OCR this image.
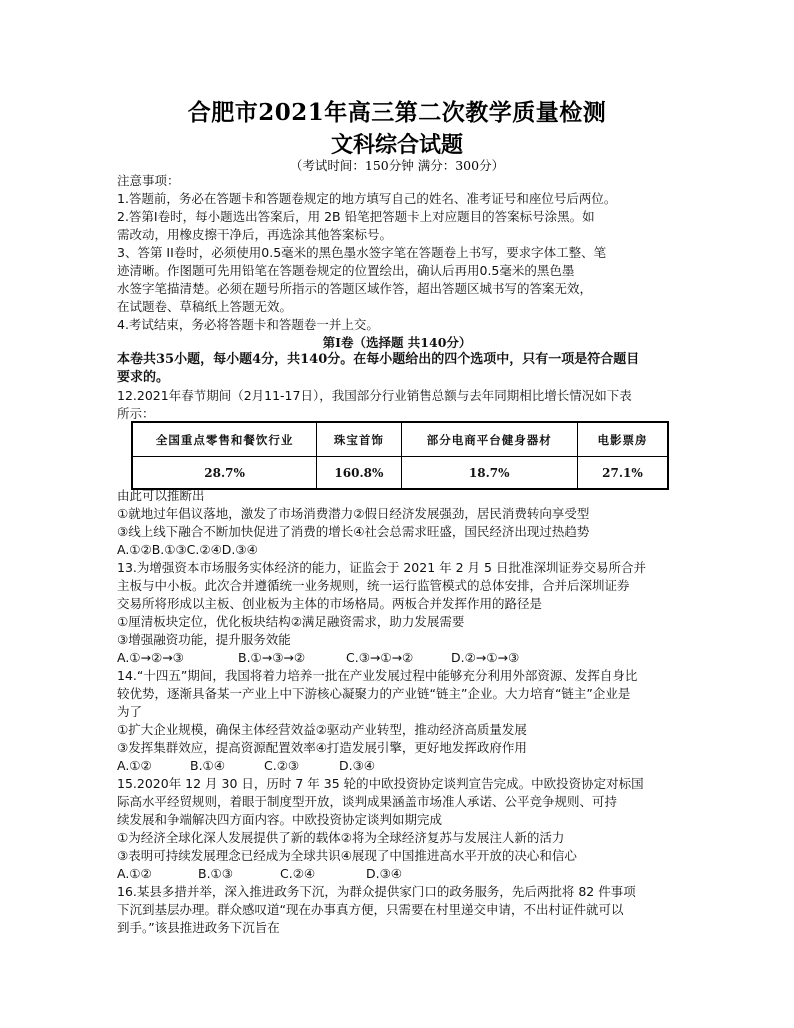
合肥市2021年高三第二次教学质量检测
文科综合试题
（考试时间：150分钟 满分：300分）
注意事项：
1.答题前，务必在答题卡和答题卷规定的地方填写自己的姓名、准考证号和座位号后两位。
2.答第Ⅰ卷时，每小题选出答案后，用 2B 铅笔把答题卡上对应题目的答案标号涂黑。如
需改动，用橡皮擦干净后，再选涂其他答案标号。
3、答第 II卷时，必须使用0.5毫米的黑色墨水签字笔在答题卷上书写，要求字体工整、笔
迹清晰。作图题可先用铅笔在答题卷规定的位置绘出，确认后再用0.5毫米的黑色墨
水签字笔描清楚。必须在题号所指示的答题区域作答，超出答题区城书写的答案无效，
在试题卷、草稿纸上答题无效。
4.考试结束，务必将答题卡和答题卷一并上交。
第Ⅰ卷（选择题 共140分）
本卷共35小题，每小题4分，共140分。在每小题给出的四个选项中，只有一项是符合题目
要求的。
12.2021年春节期间（2月11-17日），我国部分行业销售总额与去年同期相比增长情况如下表
所示：
全国重点零售和餐饮行业	珠宝首饰	部分电商平台健身器材	电影票房
28.7%	160.8%	18.7%	27.1%
由此可以推断出
①就地过年倡议落地，激发了市场消费潜力②假日经济发展强劲，居民消费转向享受型
③线上线下融合不断加快促进了消费的增长④社会总需求旺盛，国民经济出现过热趋势
A.①②B.①③C.②④D.③④
13.为增强资本市场服务实体经济的能力，证监会于 2021 年 2 月 5 日批准深圳证券交易所合并
主板与中小板。此次合并遵循统一业务规则，统一运行监管模式的总体安排，合并后深圳证券
交易所将形成以主板、创业板为主体的市场格局。两板合并发挥作用的路径是
①厘清板块定位，优化板块结构②满足融资需求，助力发展需要
③增强融资功能，提升服务效能
A.①→②→③	B.①→③→②	C.③→①→②	D.②→①→③
14.“十四五”期间，我国将着力培养一批在产业发展过程中能够充分利用外部资源、发挥自身比
较优势，逐渐具备某一产业上中下游核心凝聚力的产业链“链主”企业。大力培育“链主”企业是
为了
①扩大企业规模，确保主体经营效益②驱动产业转型，推动经济高质量发展
③发挥集群效应，提高资源配置效率④打造发展引擎，更好地发挥政府作用
A.①②	B.①④	C.②③	D.③④
15.2020年 12 月 30 日，历时 7 年 35 轮的中欧投资协定谈判宣告完成。中欧投资协定对标国
际高水平经贸规则，着眼于制度型开放，谈判成果涵盖市场准人承诺、公平竞争规则、可持
续发展和争端解决四方面内容。中欧投资协定谈判如期完成
①为经济全球化深人发展提供了新的载体②将为全球经济复苏与发展注人新的活力
③表明可持续发展理念已经成为全球共识④展现了中国推进高水平开放的决心和信心
A.①②	B.①③	C.②④	D.③④
16.某县多措并举，深入推进政务下沉，为群众提供家门口的政务服务，先后两批将 82 件事项
下沉到基层办理。群众感叹道“现在办事真方便，只需要在村里递交申请，不出村证件就可以
到手。”该县推进政务下沉旨在
